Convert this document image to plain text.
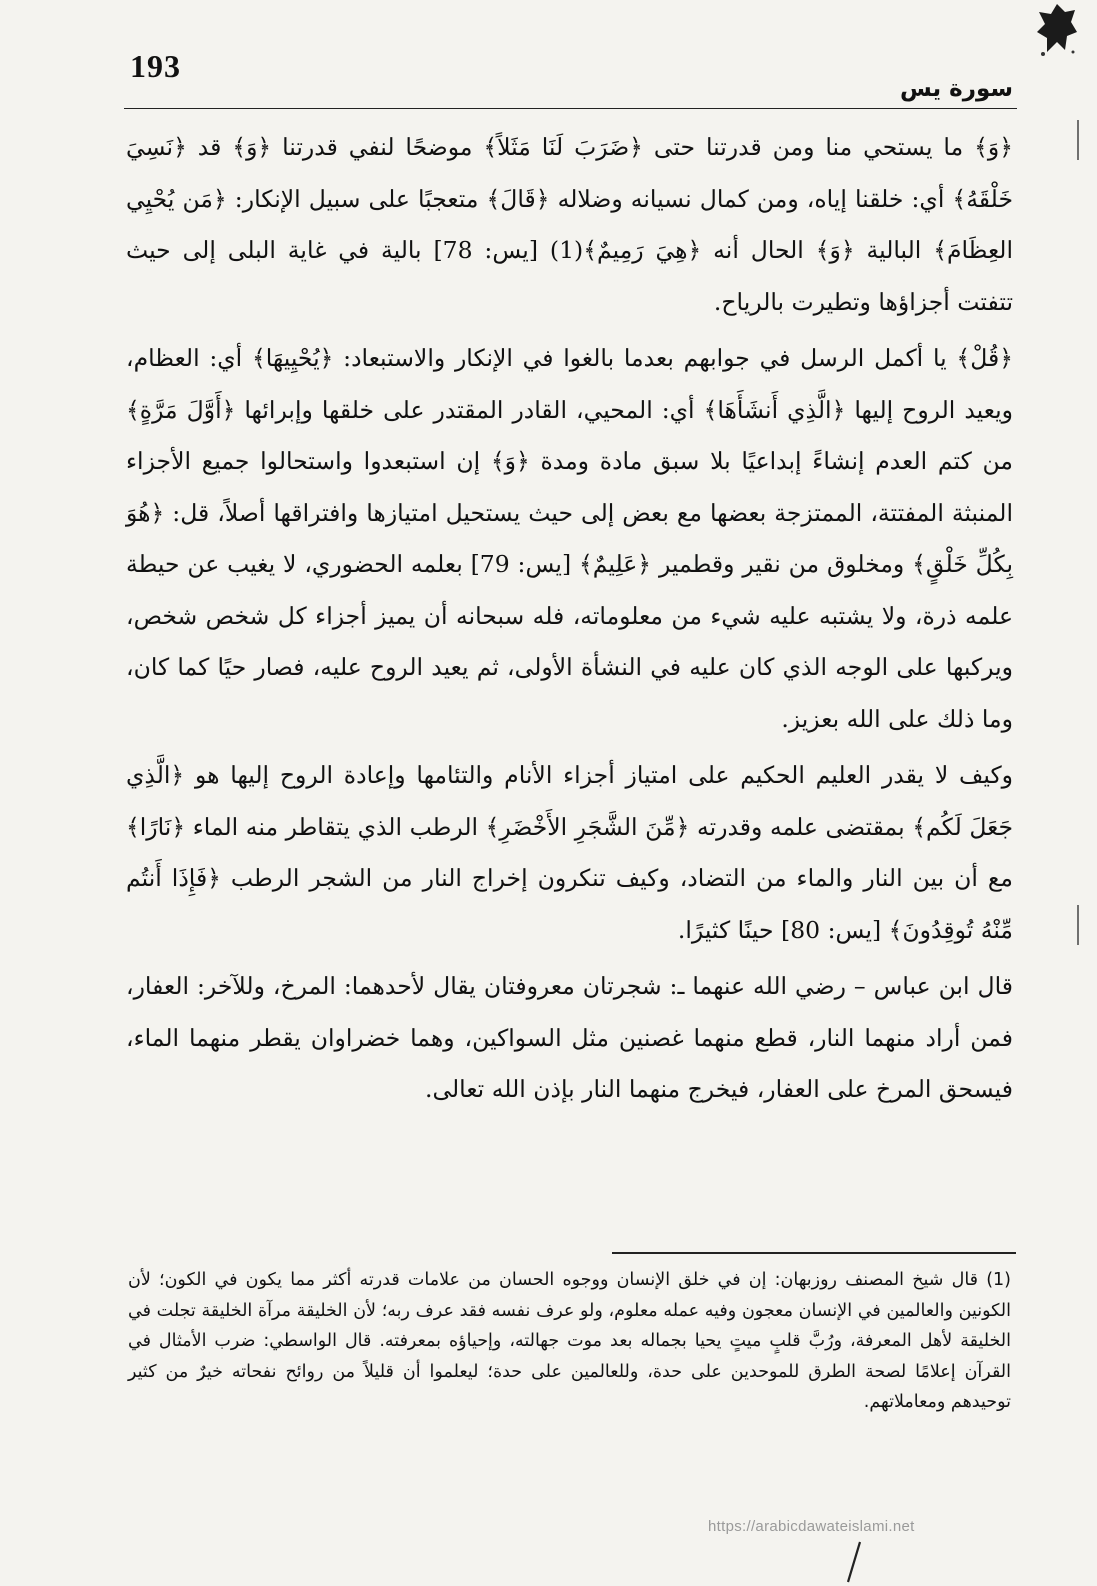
193
سورة يس

﴿وَ﴾ ما يستحي منا ومن قدرتنا حتى ﴿ضَرَبَ لَنَا مَثَلاً﴾ موضحًا لنفي قدرتنا ﴿وَ﴾ قد ﴿نَسِيَ خَلْقَهُ﴾ أي: خلقنا إياه، ومن كمال نسيانه وضلاله ﴿قَالَ﴾ متعجبًا على سبيل الإنكار: ﴿مَن يُحْيِي العِظَامَ﴾ البالية ﴿وَ﴾ الحال أنه ﴿هِيَ رَمِيمٌ﴾(1) [يس: 78] بالية في غاية البلى إلى حيث تتفتت أجزاؤها وتطيرت بالرياح.

﴿قُلْ﴾ يا أكمل الرسل في جوابهم بعدما بالغوا في الإنكار والاستبعاد: ﴿يُحْيِيهَا﴾ أي: العظام، ويعيد الروح إليها ﴿الَّذِي أَنشَأَهَا﴾ أي: المحيي، القادر المقتدر على خلقها وإبرائها ﴿أَوَّلَ مَرَّةٍ﴾ من كتم العدم إنشاءً إبداعيًا بلا سبق مادة ومدة ﴿وَ﴾ إن استبعدوا واستحالوا جميع الأجزاء المنبثة المفتتة، الممتزجة بعضها مع بعض إلى حيث يستحيل امتيازها وافتراقها أصلاً، قل: ﴿هُوَ بِكُلِّ خَلْقٍ﴾ ومخلوق من نقير وقطمير ﴿عَلِيمٌ﴾ [يس: 79] بعلمه الحضوري، لا يغيب عن حيطة علمه ذرة، ولا يشتبه عليه شيء من معلوماته، فله سبحانه أن يميز أجزاء كل شخص شخص، ويركبها على الوجه الذي كان عليه في النشأة الأولى، ثم يعيد الروح عليه، فصار حيًا كما كان، وما ذلك على الله بعزيز.

وكيف لا يقدر العليم الحكيم على امتياز أجزاء الأنام والتئامها وإعادة الروح إليها هو ﴿الَّذِي جَعَلَ لَكُم﴾ بمقتضى علمه وقدرته ﴿مِّنَ الشَّجَرِ الأَخْضَرِ﴾ الرطب الذي يتقاطر منه الماء ﴿نَارًا﴾ مع أن بين النار والماء من التضاد، وكيف تنكرون إخراج النار من الشجر الرطب ﴿فَإِذَا أَنتُم مِّنْهُ تُوقِدُونَ﴾ [يس: 80] حينًا كثيرًا.

قال ابن عباس – رضي الله عنهما ـ: شجرتان معروفتان يقال لأحدهما: المرخ، وللآخر: العفار، فمن أراد منهما النار، قطع منهما غصنين مثل السواكين، وهما خضراوان يقطر منهما الماء، فيسحق المرخ على العفار، فيخرج منهما النار بإذن الله تعالى.

(1) قال شيخ المصنف روزبهان: إن في خلق الإنسان ووجوه الحسان من علامات قدرته أكثر مما يكون في الكون؛ لأن الكونين والعالمين في الإنسان معجون وفيه عمله معلوم، ولو عرف نفسه فقد عرف ربه؛ لأن الخليقة مرآة الخليقة تجلت في الخليقة لأهل المعرفة، ورُبَّ قلبٍ ميتٍ يحيا بجماله بعد موت جهالته، وإحياؤه بمعرفته. قال الواسطي: ضرب الأمثال في القرآن إعلامًا لصحة الطرق للموحدين على حدة، وللعالمين على حدة؛ ليعلموا أن قليلاً من روائح نفحاته خيرٌ من كثير توحيدهم ومعاملاتهم.

https://arabicdawateislami.net
